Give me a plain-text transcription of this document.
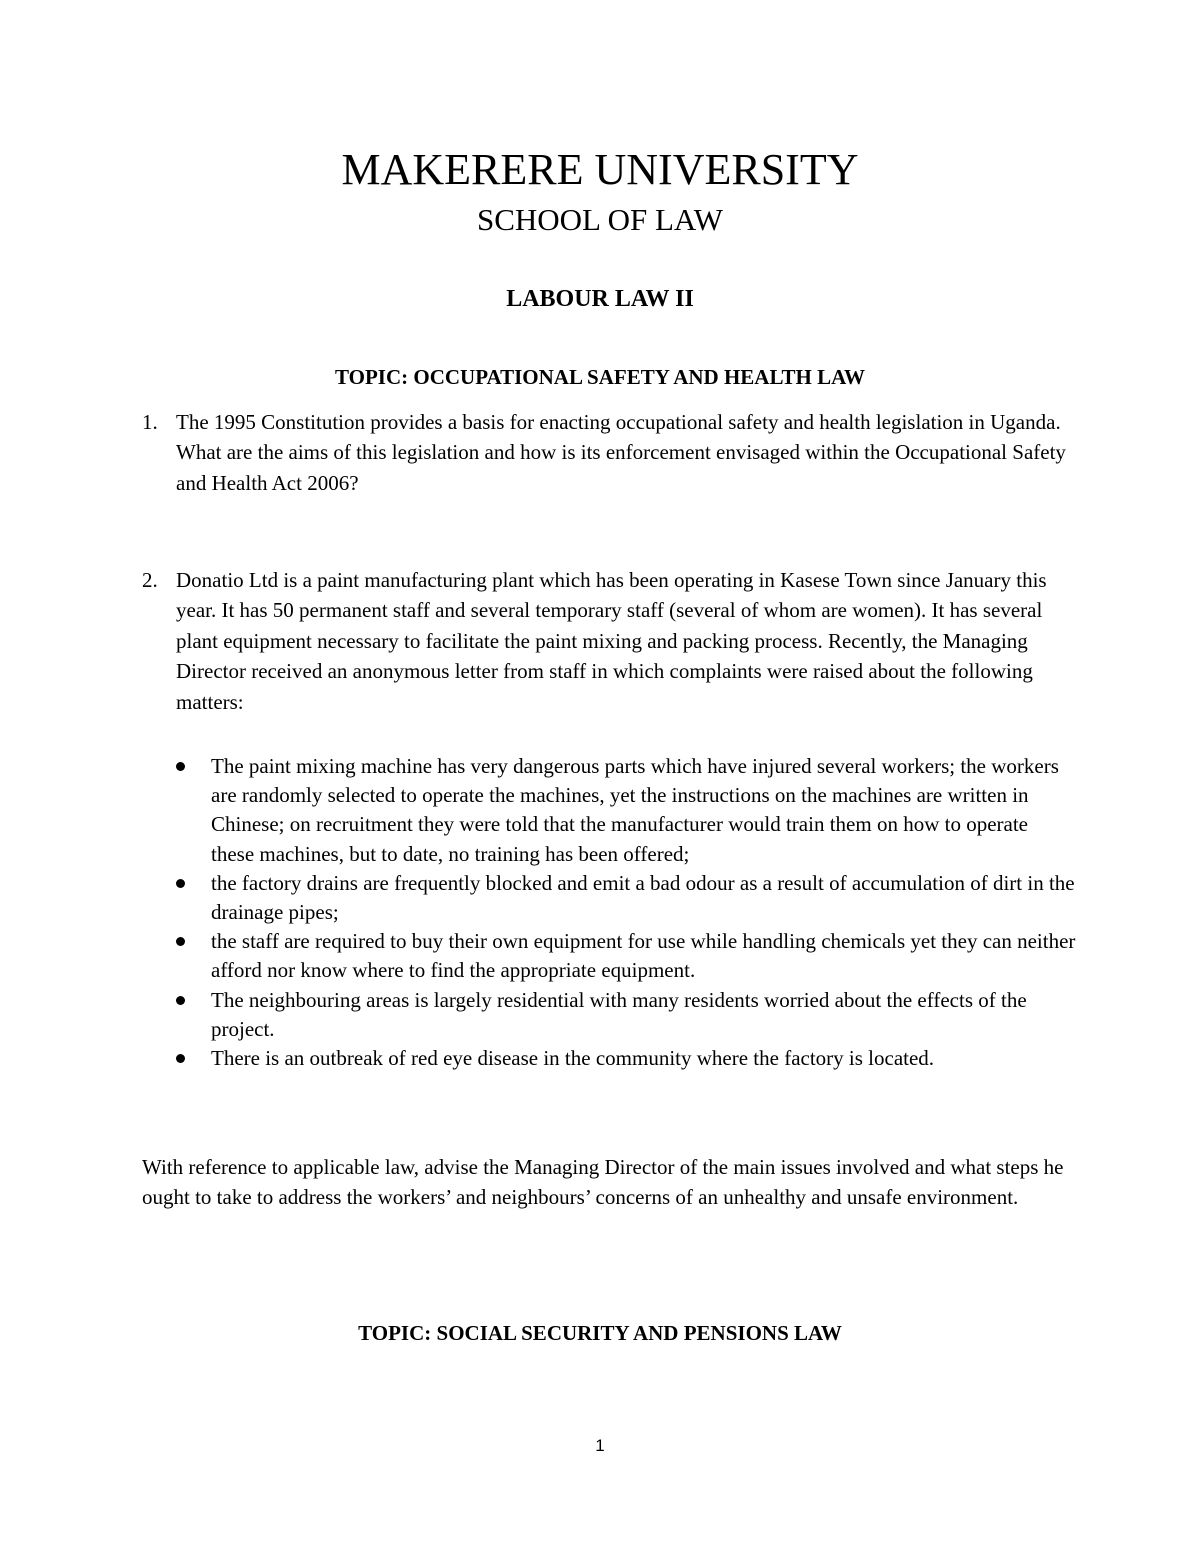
MAKERERE UNIVERSITY
SCHOOL OF LAW
LABOUR LAW II
TOPIC: OCCUPATIONAL SAFETY AND HEALTH LAW
1. The 1995 Constitution provides a basis for enacting occupational safety and health legislation in Uganda. What are the aims of this legislation and how is its enforcement envisaged within the Occupational Safety and Health Act 2006?
2. Donatio Ltd is a paint manufacturing plant which has been operating in Kasese Town since January this year. It has 50 permanent staff and several temporary staff (several of whom are women). It has several plant equipment necessary to facilitate the paint mixing and packing process. Recently, the Managing Director received an anonymous letter from staff in which complaints were raised about the following matters:
The paint mixing machine has very dangerous parts which have injured several workers; the workers are randomly selected to operate the machines, yet the instructions on the machines are written in Chinese; on recruitment they were told that the manufacturer would train them on how to operate these machines, but to date, no training has been offered;
the factory drains are frequently blocked and emit a bad odour as a result of accumulation of dirt in the drainage pipes;
the staff are required to buy their own equipment for use while handling chemicals yet they can neither afford nor know where to find the appropriate equipment.
The neighbouring areas is largely residential with many residents worried about the effects of the project.
There is an outbreak of red eye disease in the community where the factory is located.
With reference to applicable law, advise the Managing Director of the main issues involved and what steps he ought to take to address the workers’ and neighbours’ concerns of an unhealthy and unsafe environment.
TOPIC: SOCIAL SECURITY AND PENSIONS LAW
1
